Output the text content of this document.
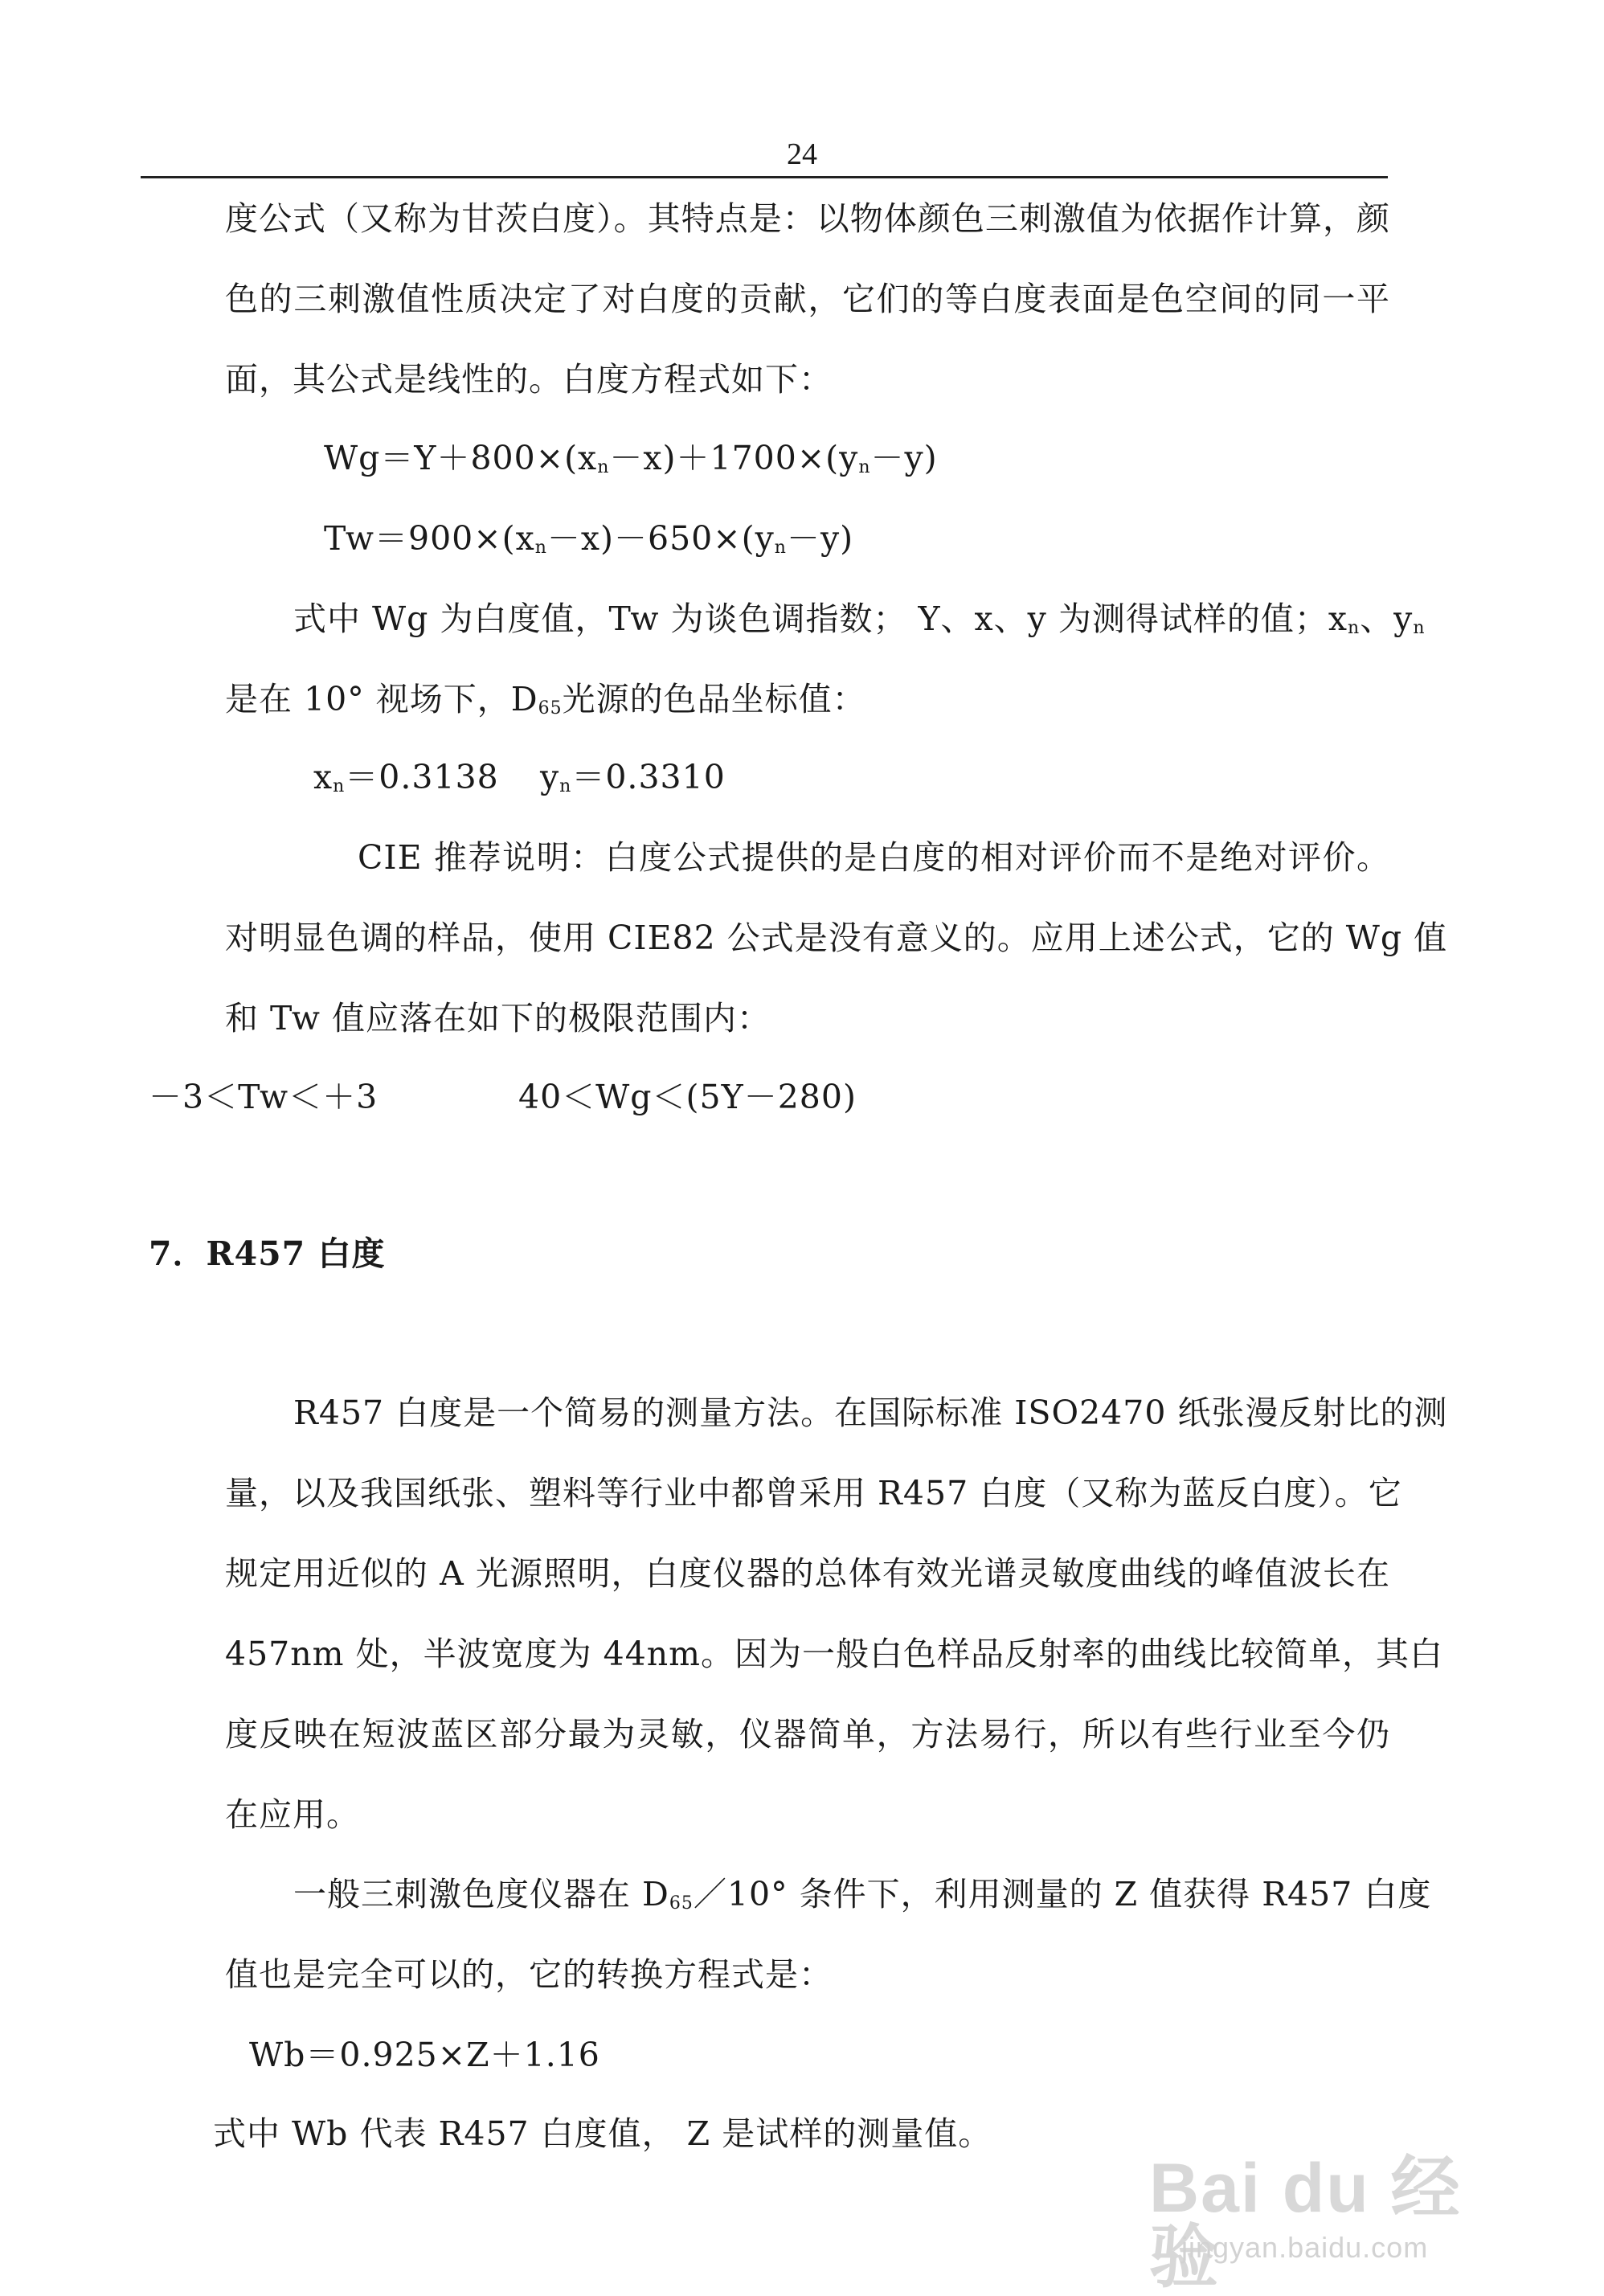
24
度公式（又称为甘茨白度）。其特点是：以物体颜色三刺激值为依据作计算，颜
色的三刺激值性质决定了对白度的贡献，它们的等白度表面是色空间的同一平
面，其公式是线性的。白度方程式如下：
Wg＝Y＋800×(xn－x)＋1700×(yn－y)
Tw＝900×(xn－x)－650×(yn－y)
式中 Wg 为白度值，Tw 为谈色调指数； Y、x、y 为测得试样的值；xn、yn
是在 10° 视场下，D65光源的色品坐标值：
xn＝0.3138 yn＝0.3310
CIE 推荐说明：白度公式提供的是白度的相对评价而不是绝对评价。
对明显色调的样品，使用 CIE82 公式是没有意义的。应用上述公式，它的 Wg 值
和 Tw 值应落在如下的极限范围内：
－3＜Tw＜＋3	40＜Wg＜(5Y－280)
7．R457 白度
R457 白度是一个简易的测量方法。在国际标准 ISO2470 纸张漫反射比的测
量，以及我国纸张、塑料等行业中都曾采用 R457 白度（又称为蓝反白度）。它
规定用近似的 A 光源照明，白度仪器的总体有效光谱灵敏度曲线的峰值波长在
457nm 处，半波宽度为 44nm。因为一般白色样品反射率的曲线比较简单，其白
度反映在短波蓝区部分最为灵敏，仪器简单，方法易行，所以有些行业至今仍
在应用。
一般三刺激色度仪器在 D65／10° 条件下，利用测量的 Z 值获得 R457 白度
值也是完全可以的，它的转换方程式是：
Wb＝0.925×Z＋1.16
式中 Wb 代表 R457 白度值， Z 是试样的测量值。
Bai du 经验
jingyan.baidu.com
